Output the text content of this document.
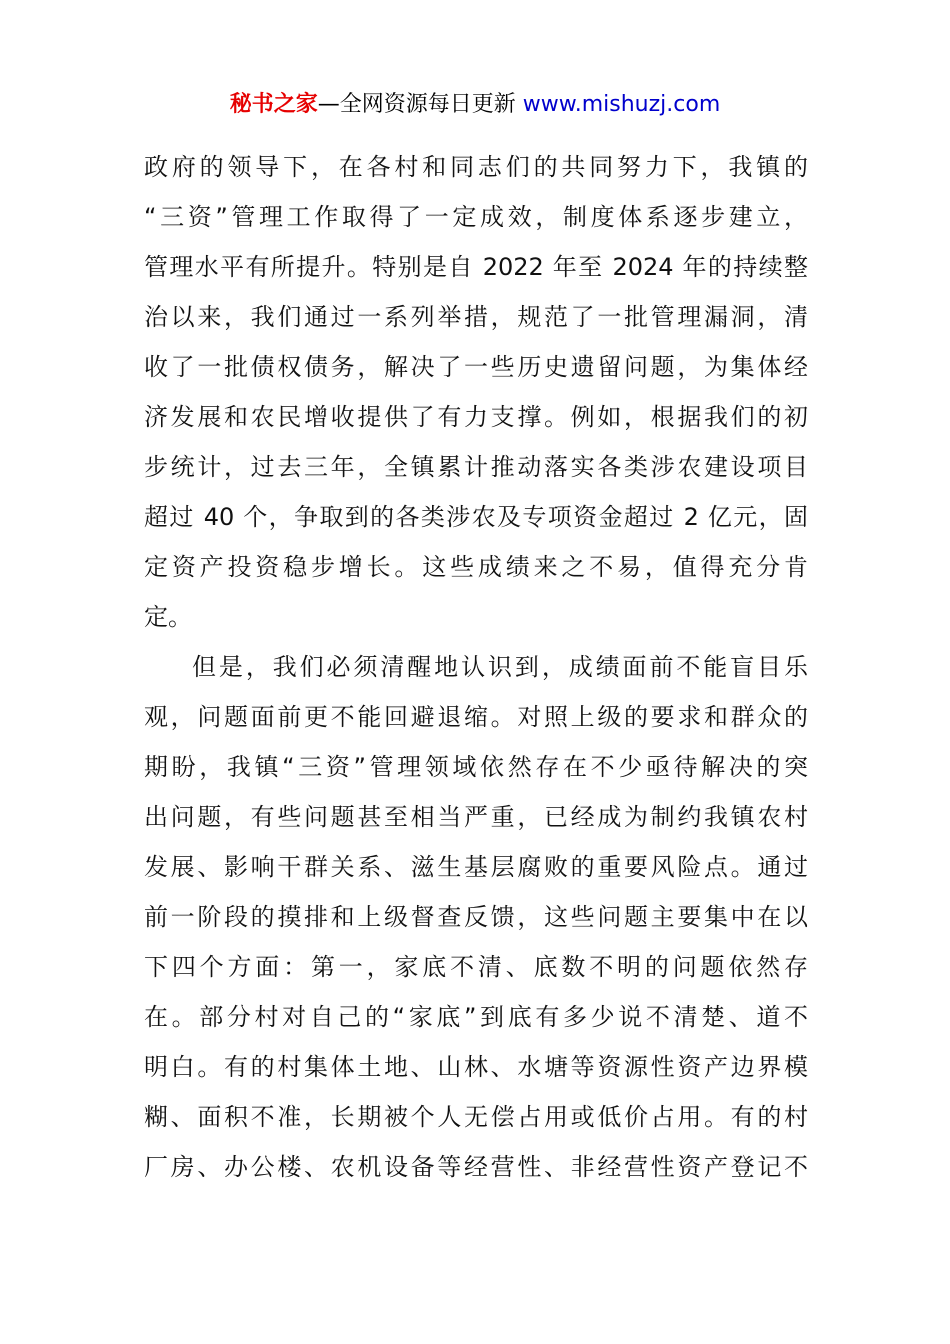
秘书之家—全网资源每日更新 www.mishuzj.com
政府的领导下，在各村和同志们的共同努力下，我镇的
“三资”管理工作取得了一定成效，制度体系逐步建立，
管理水平有所提升。特别是自 2022 年至 2024 年的持续整
治以来，我们通过一系列举措，规范了一批管理漏洞，清
收了一批债权债务，解决了一些历史遗留问题，为集体经
济发展和农民增收提供了有力支撑。例如，根据我们的初
步统计，过去三年，全镇累计推动落实各类涉农建设项目
超过 40 个，争取到的各类涉农及专项资金超过 2 亿元，固
定资产投资稳步增长。这些成绩来之不易，值得充分肯
定。
但是，我们必须清醒地认识到，成绩面前不能盲目乐
观，问题面前更不能回避退缩。对照上级的要求和群众的
期盼，我镇“三资”管理领域依然存在不少亟待解决的突
出问题，有些问题甚至相当严重，已经成为制约我镇农村
发展、影响干群关系、滋生基层腐败的重要风险点。通过
前一阶段的摸排和上级督查反馈，这些问题主要集中在以
下四个方面：第一，家底不清、底数不明的问题依然存
在。部分村对自己的“家底”到底有多少说不清楚、道不
明白。有的村集体土地、山林、水塘等资源性资产边界模
糊、面积不准，长期被个人无偿占用或低价占用。有的村
厂房、办公楼、农机设备等经营性、非经营性资产登记不
